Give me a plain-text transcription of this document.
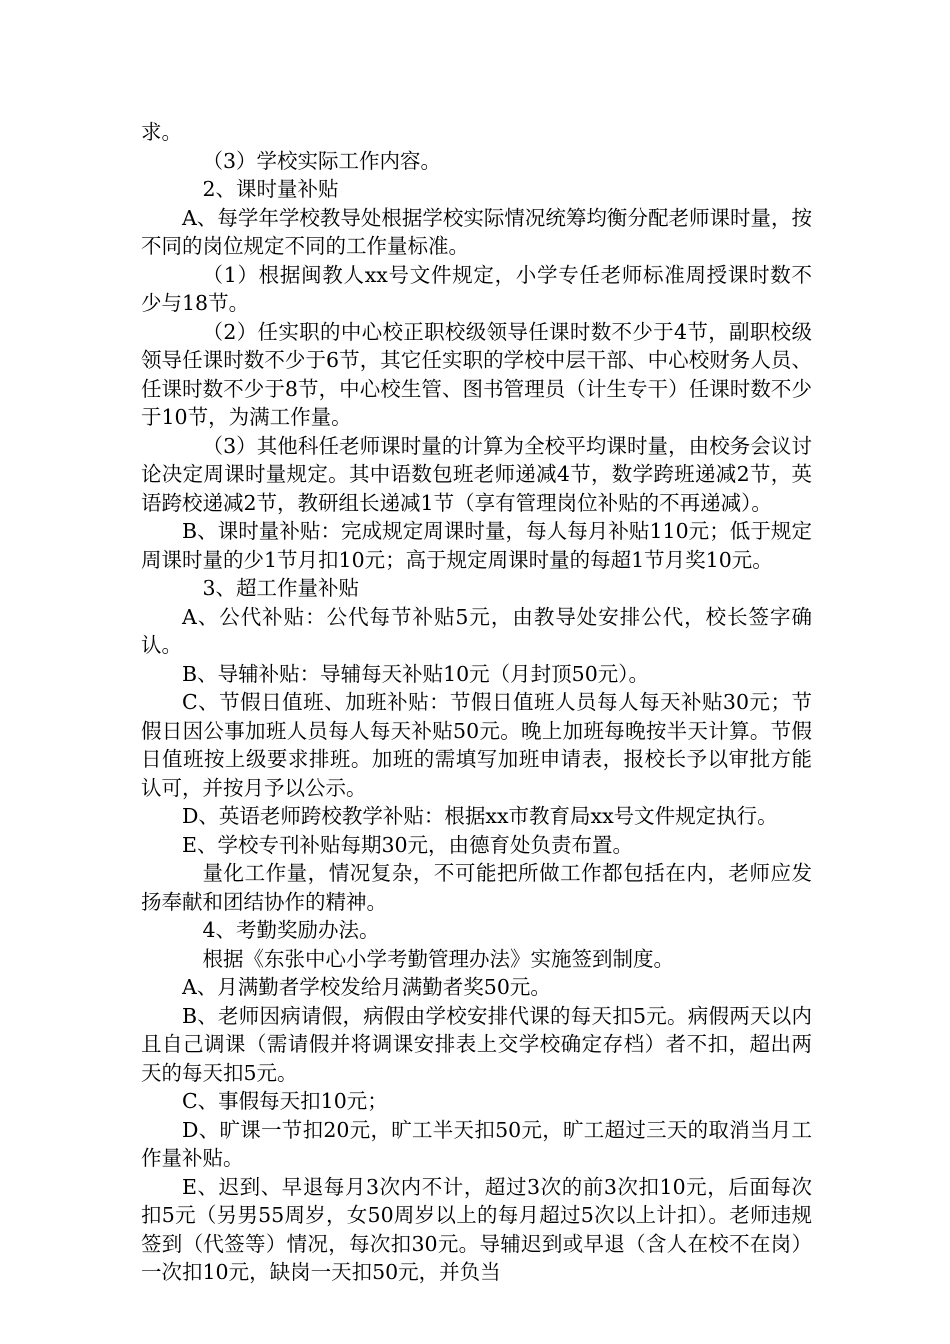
求。

（3）学校实际工作内容。

2、课时量补贴

A、每学年学校教导处根据学校实际情况统筹均衡分配老师课时量，按不同的岗位规定不同的工作量标准。

（1）根据闽教人xx号文件规定，小学专任老师标准周授课时数不少与18节。

（2）任实职的中心校正职校级领导任课时数不少于4节，副职校级领导任课时数不少于6节，其它任实职的学校中层干部、中心校财务人员、任课时数不少于8节，中心校生管、图书管理员（计生专干）任课时数不少于10节，为满工作量。

（3）其他科任老师课时量的计算为全校平均课时量，由校务会议讨论决定周课时量规定。其中语数包班老师递减4节，数学跨班递减2节，英语跨校递减2节，教研组长递减1节（享有管理岗位补贴的不再递减）。

B、课时量补贴：完成规定周课时量，每人每月补贴110元；低于规定周课时量的少1节月扣10元；高于规定周课时量的每超1节月奖10元。

3、超工作量补贴

A、公代补贴：公代每节补贴5元，由教导处安排公代，校长签字确认。

B、导辅补贴：导辅每天补贴10元（月封顶50元）。

C、节假日值班、加班补贴：节假日值班人员每人每天补贴30元；节假日因公事加班人员每人每天补贴50元。晚上加班每晚按半天计算。节假日值班按上级要求排班。加班的需填写加班申请表，报校长予以审批方能认可，并按月予以公示。

D、英语老师跨校教学补贴：根据xx市教育局xx号文件规定执行。

E、学校专刊补贴每期30元，由德育处负责布置。

量化工作量，情况复杂，不可能把所做工作都包括在内，老师应发扬奉献和团结协作的精神。

4、考勤奖励办法。

根据《东张中心小学考勤管理办法》实施签到制度。

A、月满勤者学校发给月满勤者奖50元。

B、老师因病请假，病假由学校安排代课的每天扣5元。病假两天以内且自己调课（需请假并将调课安排表上交学校确定存档）者不扣，超出两天的每天扣5元。

C、事假每天扣10元；

D、旷课一节扣20元，旷工半天扣50元，旷工超过三天的取消当月工作量补贴。

E、迟到、早退每月3次内不计，超过3次的前3次扣10元，后面每次扣5元（另男55周岁，女50周岁以上的每月超过5次以上计扣）。老师违规签到（代签等）情况，每次扣30元。导辅迟到或早退（含人在校不在岗）一次扣10元，缺岗一天扣50元，并负当
